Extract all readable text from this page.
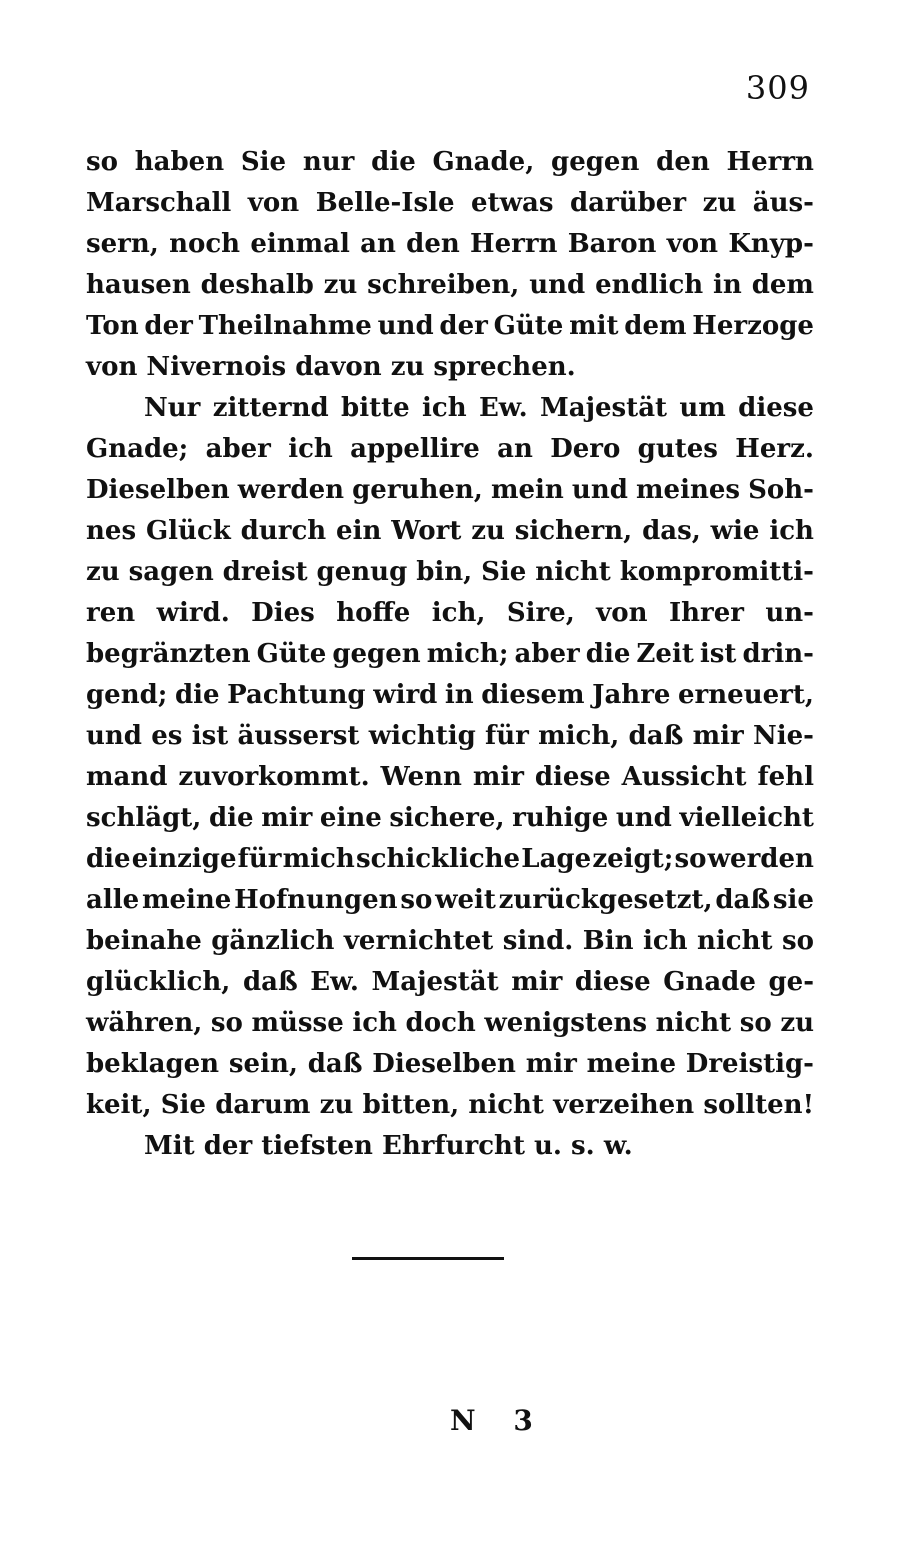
309
so haben Sie nur die Gnade, gegen den Herrn
Marschall von Belle-Isle etwas darüber zu äus-
sern, noch einmal an den Herrn Baron von Knyp-
hausen deshalb zu schreiben, und endlich in dem
Ton der Theilnahme und der Güte mit dem Herzoge
von
Nivernois
davon
zu
sprechen.
Nur zitternd bitte ich Ew. Majestät um diese
Gnade; aber ich appellire an Dero gutes Herz.
Dieselben werden geruhen, mein und meines Soh-
nes Glück durch ein Wort zu sichern, das, wie ich
zu sagen dreist genug bin, Sie nicht kompromitti-
ren wird. Dies hoffe ich, Sire, von Ihrer un-
begränzten Güte gegen mich; aber die Zeit ist drin-
gend; die Pachtung wird in diesem Jahre erneuert,
und es ist äusserst wichtig für mich, daß mir Nie-
mand zuvorkommt. Wenn mir diese Aussicht fehl
schlägt, die mir eine sichere, ruhige und vielleicht
die einzige für mich schickliche Lage zeigt; so werden
alle meine Hofnungen so weit zurückgesetzt, daß sie
beinahe gänzlich vernichtet sind. Bin ich nicht so
glücklich, daß Ew. Majestät mir diese Gnade ge-
währen, so müsse ich doch wenigstens nicht so zu
beklagen sein, daß Dieselben mir meine Dreistig-
keit, Sie darum zu bitten, nicht verzeihen sollten!
Mit
der
tiefsten
Ehrfurcht
u.
s.
w.
N 3
